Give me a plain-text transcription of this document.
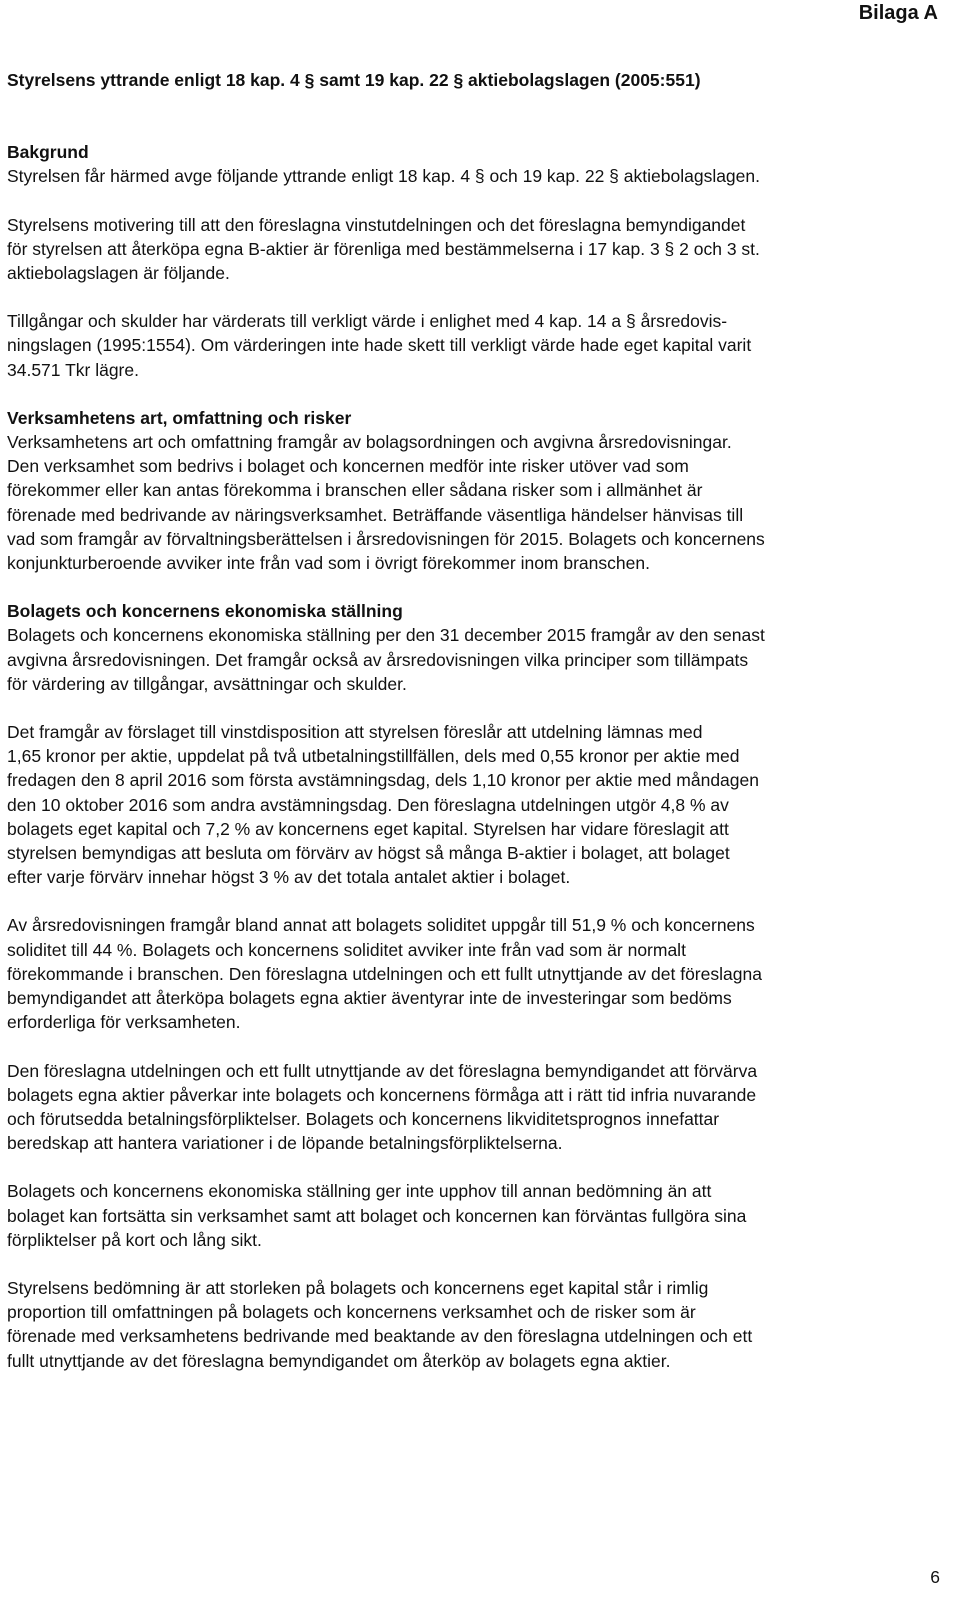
Bilaga A

Styrelsens yttrande enligt 18 kap. 4 § samt 19 kap. 22 § aktiebolagslagen (2005:551)

Bakgrund

Styrelsen får härmed avge följande yttrande enligt 18 kap. 4 § och 19 kap. 22 § aktiebolagslagen.

Styrelsens motivering till att den föreslagna vinstutdelningen och det föreslagna bemyndigandet

för styrelsen att återköpa egna B-aktier är förenliga med bestämmelserna i 17 kap. 3 § 2 och 3 st.

aktiebolagslagen är följande.

Tillgångar och skulder har värderats till verkligt värde i enlighet med 4 kap. 14 a § årsredovis-

ningslagen (1995:1554). Om värderingen inte hade skett till verkligt värde hade eget kapital varit

34.571 Tkr lägre.

Verksamhetens art, omfattning och risker

Verksamhetens art och omfattning framgår av bolagsordningen och avgivna årsredovisningar.

Den verksamhet som bedrivs i bolaget och koncernen medför inte risker utöver vad som

förekommer eller kan antas förekomma i branschen eller sådana risker som i allmänhet är

förenade med bedrivande av näringsverksamhet. Beträffande väsentliga händelser hänvisas till

vad som framgår av förvaltningsberättelsen i årsredovisningen för 2015. Bolagets och koncernens

konjunkturberoende avviker inte från vad som i övrigt förekommer inom branschen.

Bolagets och koncernens ekonomiska ställning

Bolagets och koncernens ekonomiska ställning per den 31 december 2015 framgår av den senast

avgivna årsredovisningen. Det framgår också av årsredovisningen vilka principer som tillämpats

för värdering av tillgångar, avsättningar och skulder.

Det framgår av förslaget till vinstdisposition att styrelsen föreslår att utdelning lämnas med

1,65 kronor per aktie, uppdelat på två utbetalningstillfällen, dels med 0,55 kronor per aktie med

fredagen den 8 april 2016 som första avstämningsdag, dels 1,10 kronor per aktie med måndagen

den 10 oktober 2016 som andra avstämningsdag. Den föreslagna utdelningen utgör 4,8 % av

bolagets eget kapital och 7,2 % av koncernens eget kapital. Styrelsen har vidare föreslagit att

styrelsen bemyndigas att besluta om förvärv av högst så många B-aktier i bolaget, att bolaget

efter varje förvärv innehar högst 3 % av det totala antalet aktier i bolaget.

Av årsredovisningen framgår bland annat att bolagets soliditet uppgår till 51,9 % och koncernens

soliditet till 44 %. Bolagets och koncernens soliditet avviker inte från vad som är normalt

förekommande i branschen. Den föreslagna utdelningen och ett fullt utnyttjande av det föreslagna

bemyndigandet att återköpa bolagets egna aktier äventyrar inte de investeringar som bedöms

erforderliga för verksamheten.

Den föreslagna utdelningen och ett fullt utnyttjande av det föreslagna bemyndigandet att förvärva

bolagets egna aktier påverkar inte bolagets och koncernens förmåga att i rätt tid infria nuvarande

och förutsedda betalningsförpliktelser. Bolagets och koncernens likviditetsprognos innefattar

beredskap att hantera variationer i de löpande betalningsförpliktelserna.

Bolagets och koncernens ekonomiska ställning ger inte upphov till annan bedömning än att

bolaget kan fortsätta sin verksamhet samt att bolaget och koncernen kan förväntas fullgöra sina

förpliktelser på kort och lång sikt.

Styrelsens bedömning är att storleken på bolagets och koncernens eget kapital står i rimlig

proportion till omfattningen på bolagets och koncernens verksamhet och de risker som är

förenade med verksamhetens bedrivande med beaktande av den föreslagna utdelningen och ett

fullt utnyttjande av det föreslagna bemyndigandet om återköp av bolagets egna aktier.

6
